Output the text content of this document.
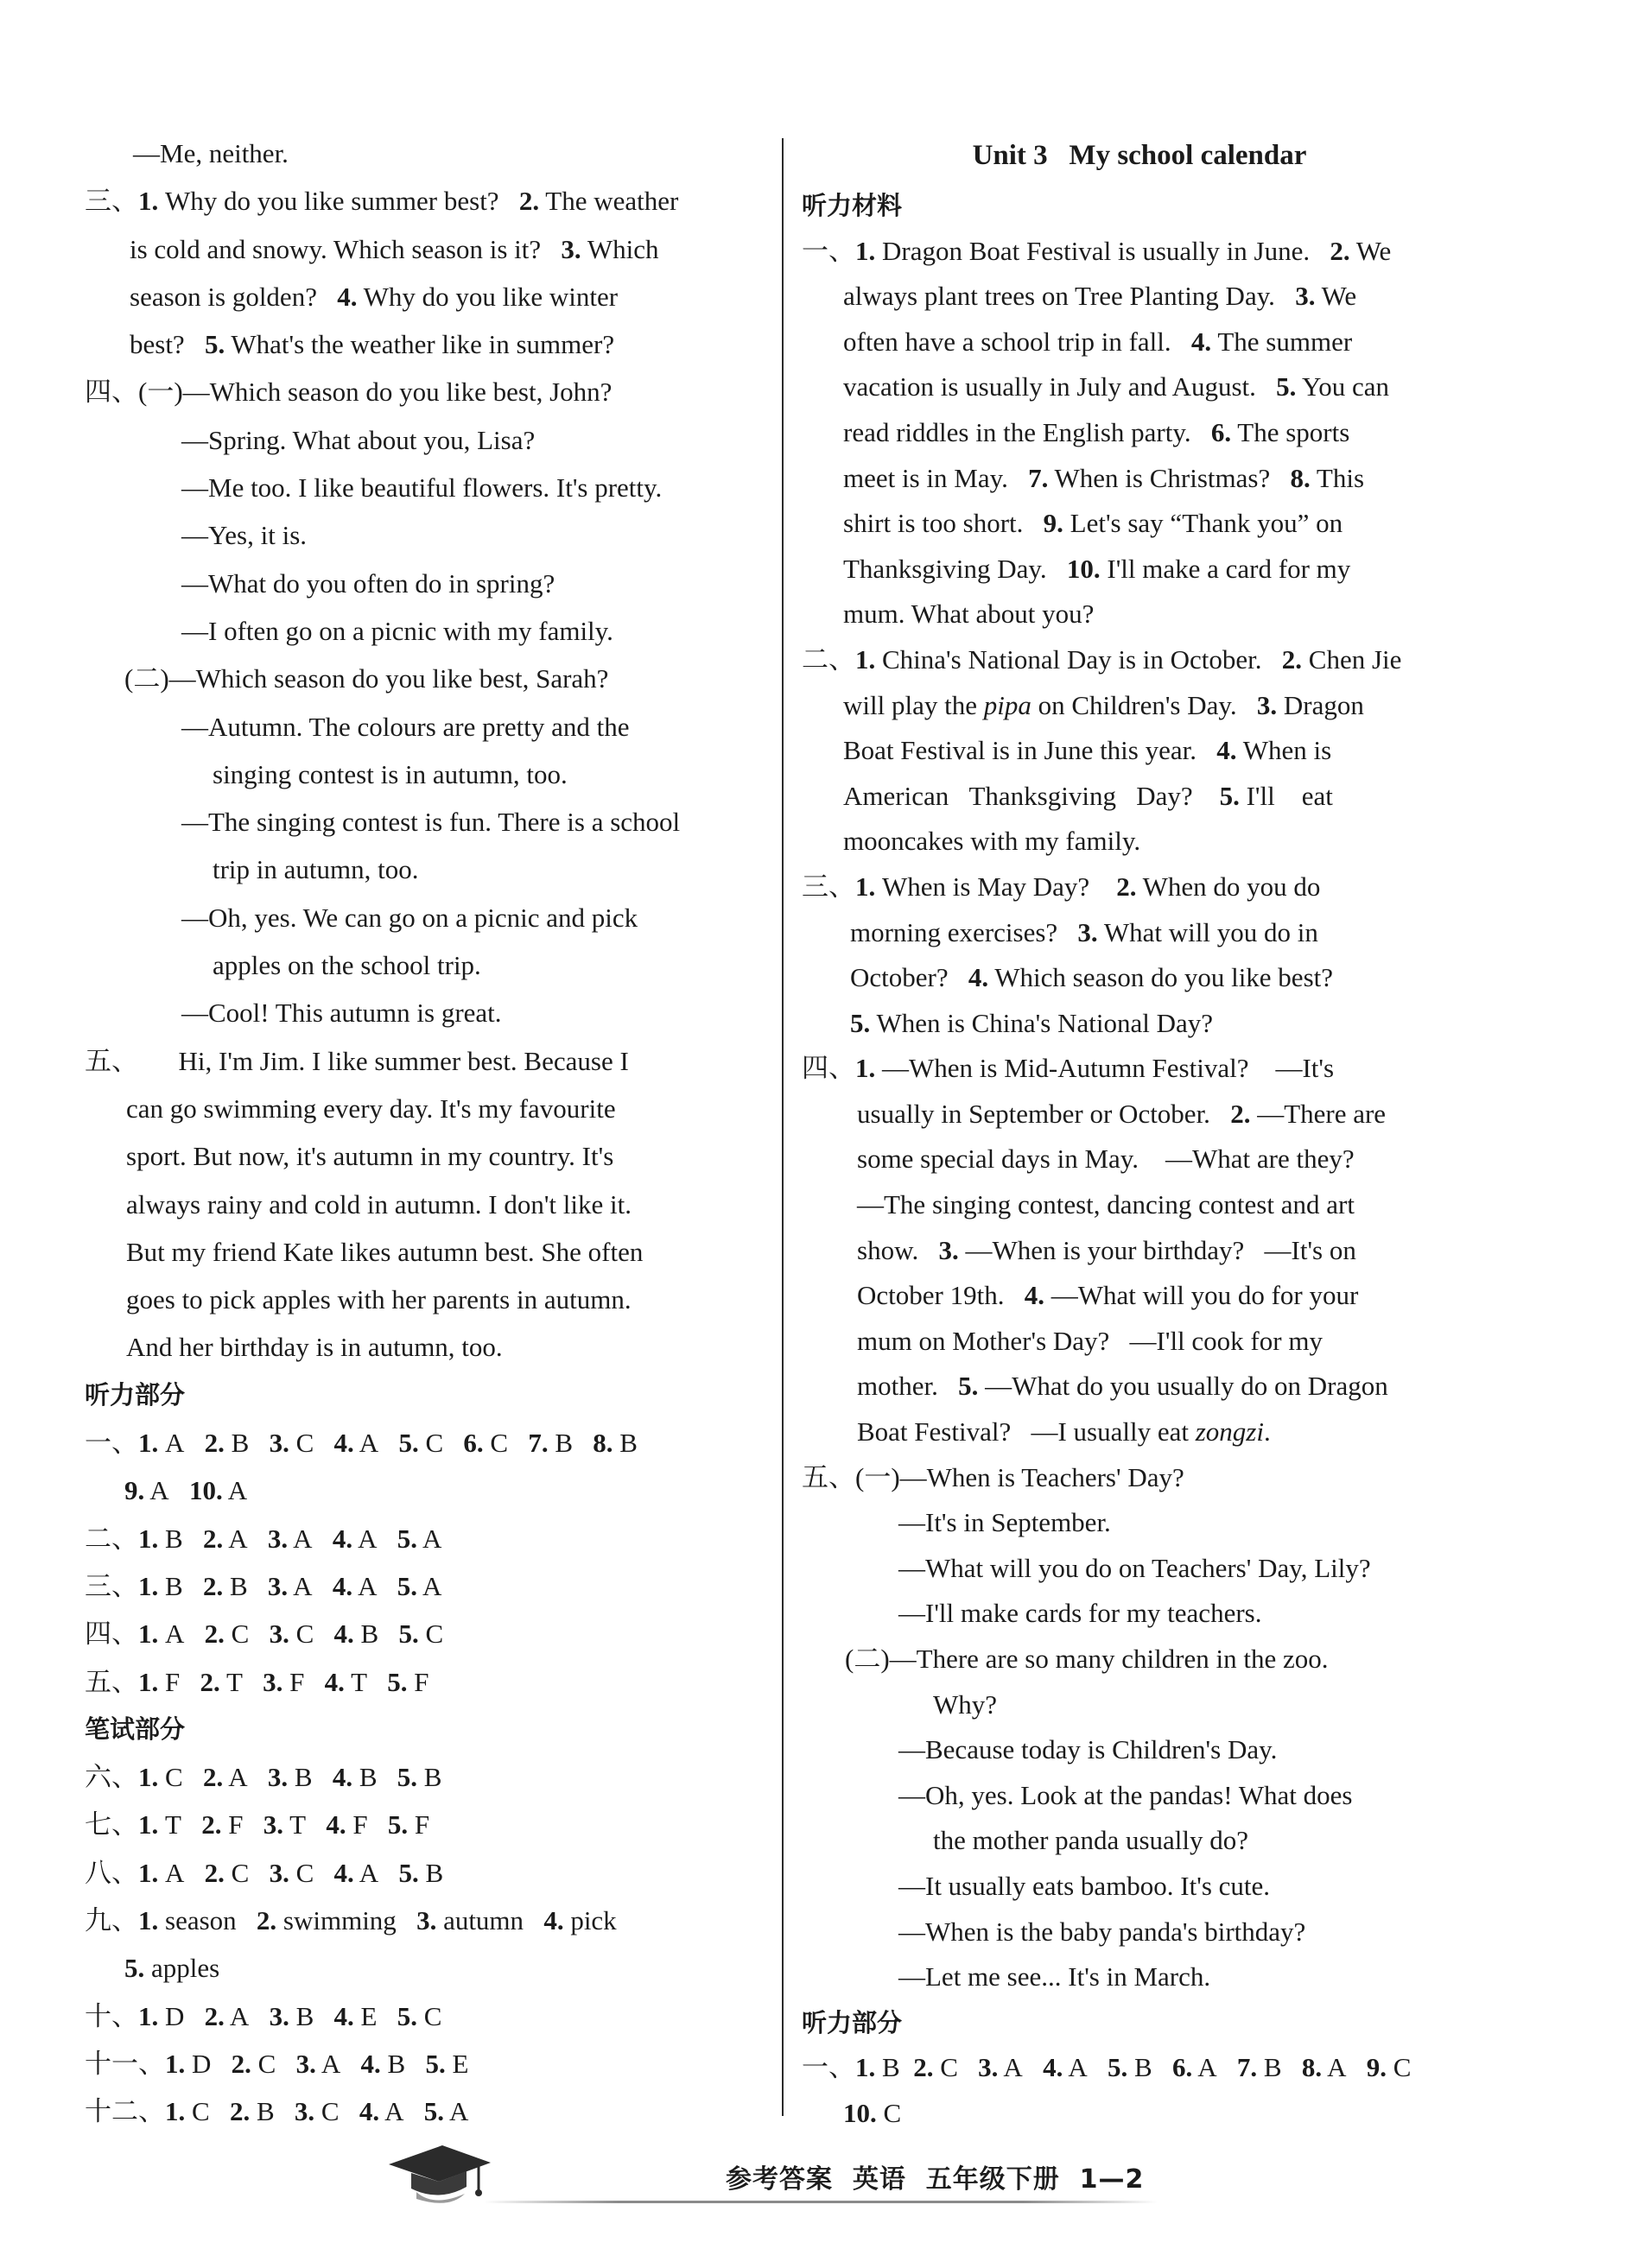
—Me, neither.

三、1. Why do you like summer best?   2. The weather

is cold and snowy. Which season is it?   3. Which

season is golden?   4. Why do you like winter

best?   5. What's the weather like in summer?

四、(一)—Which season do you like best, John?

—Spring. What about you, Lisa?

—Me too. I like beautiful flowers. It's pretty.

—Yes, it is.

—What do you often do in spring?

—I often go on a picnic with my family.

(二)—Which season do you like best, Sarah?

—Autumn. The colours are pretty and the

singing contest is in autumn, too.

—The singing contest is fun. There is a school

trip in autumn, too.

—Oh, yes. We can go on a picnic and pick

apples on the school trip.

—Cool! This autumn is great.

五、      Hi, I'm Jim. I like summer best. Because I

can go swimming every day. It's my favourite

sport. But now, it's autumn in my country. It's

always rainy and cold in autumn. I don't like it.

But my friend Kate likes autumn best. She often

goes to pick apples with her parents in autumn.

And her birthday is in autumn, too.

听力部分

一、1. A   2. B   3. C   4. A   5. C   6. C   7. B   8. B

9. A   10. A

二、1. B   2. A   3. A   4. A   5. A

三、1. B   2. B   3. A   4. A   5. A

四、1. A   2. C   3. C   4. B   5. C

五、1. F   2. T   3. F   4. T   5. F

笔试部分

六、1. C   2. A   3. B   4. B   5. B

七、1. T   2. F   3. T   4. F   5. F

八、1. A   2. C   3. C   4. A   5. B

九、1. season   2. swimming   3. autumn   4. pick

5. apples

十、1. D   2. A   3. B   4. E   5. C

十一、1. D   2. C   3. A   4. B   5. E

十二、1. C   2. B   3. C   4. A   5. A

Unit 3   My school calendar

听力材料

一、1. Dragon Boat Festival is usually in June.   2. We

always plant trees on Tree Planting Day.   3. We

often have a school trip in fall.   4. The summer

vacation is usually in July and August.   5. You can

read riddles in the English party.   6. The sports

meet is in May.   7. When is Christmas?   8. This

shirt is too short.   9. Let's say “Thank you” on

Thanksgiving Day.   10. I'll make a card for my

mum. What about you?

二、1. China's National Day is in October.   2. Chen Jie

will play the pipa on Children's Day.   3. Dragon

Boat Festival is in June this year.   4. When is

American   Thanksgiving   Day?    5. I'll    eat

mooncakes with my family.

三、1. When is May Day?    2. When do you do

morning exercises?   3. What will you do in

October?   4. Which season do you like best?

5. When is China's National Day?

四、1. —When is Mid-Autumn Festival?    —It's

usually in September or October.   2. —There are

some special days in May.    —What are they?

—The singing contest, dancing contest and art

show.   3. —When is your birthday?   —It's on

October 19th.   4. —What will you do for your

mum on Mother's Day?   —I'll cook for my

mother.   5. —What do you usually do on Dragon

Boat Festival?   —I usually eat zongzi.

五、(一)—When is Teachers' Day?

—It's in September.

—What will you do on Teachers' Day, Lily?

—I'll make cards for my teachers.

(二)—There are so many children in the zoo.

Why?

—Because today is Children's Day.

—Oh, yes. Look at the pandas! What does

the mother panda usually do?

—It usually eats bamboo. It's cute.

—When is the baby panda's birthday?

—Let me see... It's in March.

听力部分

一、1. B  2. C   3. A   4. A   5. B   6. A   7. B   8. A   9. C

10. C

参考答案  英语  五年级下册  1—2
